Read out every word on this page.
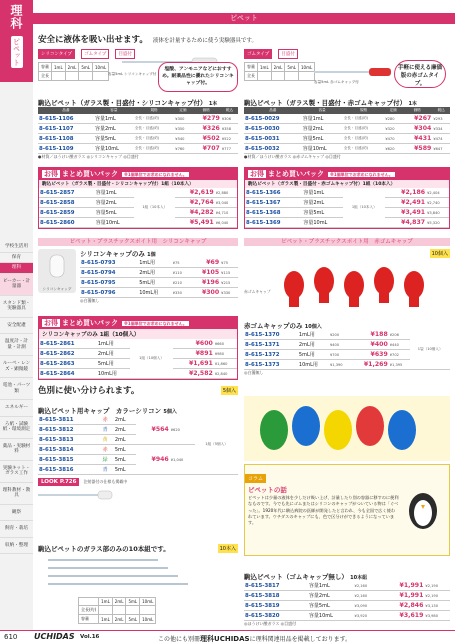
理科
ピペット
学校生活用
保育
理科
ビーカー・計量器
スタンド類・実験器具
安全配慮
温度計・計量・計測
ルーペ・レンズ・顕微鏡
電池・パーツ類
エネルギー
ろ紙・試験紙・環境測定
薬品・実験材料
実験キット・ガラス工作
理科教材・教具
観察
飼育・栽培
収納・整理
ピペット
安全に液体を吸い出せます。 液体を計量するために使う実験器具です。
シリコンタイプ	ゴムタイプ	目盛付
容量	1mL	2mL	5mL	10mL
全長					容量5mL シリコンキャップ付
塩酸、アンモニアなどにおすすめ。耐薬品性に優れたシリコンキャップ付。
ゴムタイプ	目盛付
容量	1mL	2mL	5mL	10mL
全長				
容量5mL 赤ゴムキャップ付
手軽に使える廉価版の赤ゴムタイプ。
駒込ピペット（ガラス製・目盛付・シリコンキャップ付） 1本
品番	容量	規格	定価	価格	税込
8-615-1106	容量1mL	全長・目盛(約)	¥300	¥279	¥306
8-615-1107	容量2mL	全長・目盛(約)	¥350	¥326	¥358
8-615-1108	容量5mL	全長・目盛(約)	¥540	¥502	¥522
8-615-1109	容量10mL	全長・目盛(約)	¥760	¥707	¥777
●材質／ほうけい酸ガラス ◎シリコンキャップ ◎目盛付
駒込ピペット（ガラス製・目盛付・赤ゴムキャップ付） 1本
品番	容量	規格	定価	価格	税込
8-615-0029	容量1mL	全長・目盛(約)	¥280	¥267	¥293
8-615-0030	容量2mL	全長・目盛(約)	¥320	¥304	¥334
8-615-0031	容量5mL	全長・目盛(約)	¥470	¥431	¥474
8-615-0032	容量10mL	全長・目盛(約)	¥620	¥589	¥647
●材質／ほうけい酸ガラス ◎赤ゴムキャップ ◎目盛付
お得 まとめ買いパック ※1個単位でお求めになれません。
駒込ピペット（ガラス製・目盛付・シリコンキャップ付）1組（10本入）
8-615-2857	容量1mL	1組（10本入）	¥2,619	¥2,880
8-615-2858	容量2mL		¥2,764	¥3,040
8-615-2859	容量5mL		¥4,282	¥4,710
8-615-2860	容量10mL		¥5,491	¥6,040
お得 まとめ買いパック ※1個単位でお求めになれません。
駒込ピペット（ガラス製・目盛付・赤ゴムキャップ付）1組（10本入）
8-615-1366	容量1mL	1組（10本入）	¥2,186	¥2,404
8-615-1367	容量2mL		¥2,491	¥2,740
8-615-1368	容量5mL		¥3,491	¥3,840
8-615-1369	容量10mL		¥4,837	¥5,320
ピペット・プラスチックスポイト用　シリコンキャップ	ピペット・プラスチックスポイト用　赤ゴムキャップ
シリコンキャップ
シリコンキャップのみ 1個
8-615-0793	1mL用	¥75	¥69	¥75
8-615-0794	2mL用	¥110	¥105	¥115
8-615-0795	5mL用	¥210	¥196	¥215
8-615-0796	10mL用	¥330	¥300	¥330
◎白濁無し
お得 まとめ買いパック ※1個単位でお求めになれません。
シリコンキャップのみ 1組（10個入）
8-615-2861	1mL用	1組（10個入）	¥600	¥660
8-615-2862	2mL用		¥891	¥980
8-615-2863	5mL用		¥1,691	¥1,860
8-615-2864	10mL用		¥2,582	¥2,840
10個入
赤ゴムキャップ
赤ゴムキャップのみ 10個入
8-615-1370	1mL用	¥200	¥188	¥206	1袋（10個入）
8-615-1371	2mL用	¥400	¥400	¥440	
8-615-1372	5mL用	¥700	¥639	¥702	
8-615-1373	10mL用	¥1,390	¥1,269	¥1,395	
◎白濁無し
色別に使い分けられます。	5個入
駒込ピペット用キャップ　カラーシリコン 5個入
8-615-3811	赤	2mL	¥564	¥620	1組（5個入）
8-615-3812	青	2mL			
8-615-3813	黄	2mL			
8-615-3814	赤	5mL	¥946	¥1,040	
8-615-3815	緑	5mL			
8-615-3816	青	5mL			
LOOK P.726	注射器付の仕様も掲載中	コラム
ピペットの話
ピペットは少量の液体を少しだけ吸い上げ、計量したり別の容器に移すのに便利なものです。今でも先にゴムまたはシリコンのキャップがついている物は「ぐべった」。1920年代に駒込病院の医師が開発したと言われ、今も全国で広く使われています。ウチダスのキャップにも、色で区分けができるようになっています。
駒込ピペットのガラス部のみの10本組です。	10本入
	1mL	2mL	5mL	10mL
全長(約)				
容量	1mL	2mL	5mL	10mL
駒込ピペット（ゴムキャップ無し） 10本組
8-615-3817	容量1mL	¥2,160	¥1,991	¥2,190
8-615-3818	容量2mL	¥2,160	¥1,991	¥2,190
8-615-3819	容量5mL	¥3,090	¥2,846	¥3,130
8-615-3820	容量10mL	¥3,920	¥3,619	¥3,980
◎ほうけい酸ガラス ◎目盛付
610 UCHIDAS Vol.16	この他にも別冊理科UCHIDASに理科関連用品を掲載しております。
